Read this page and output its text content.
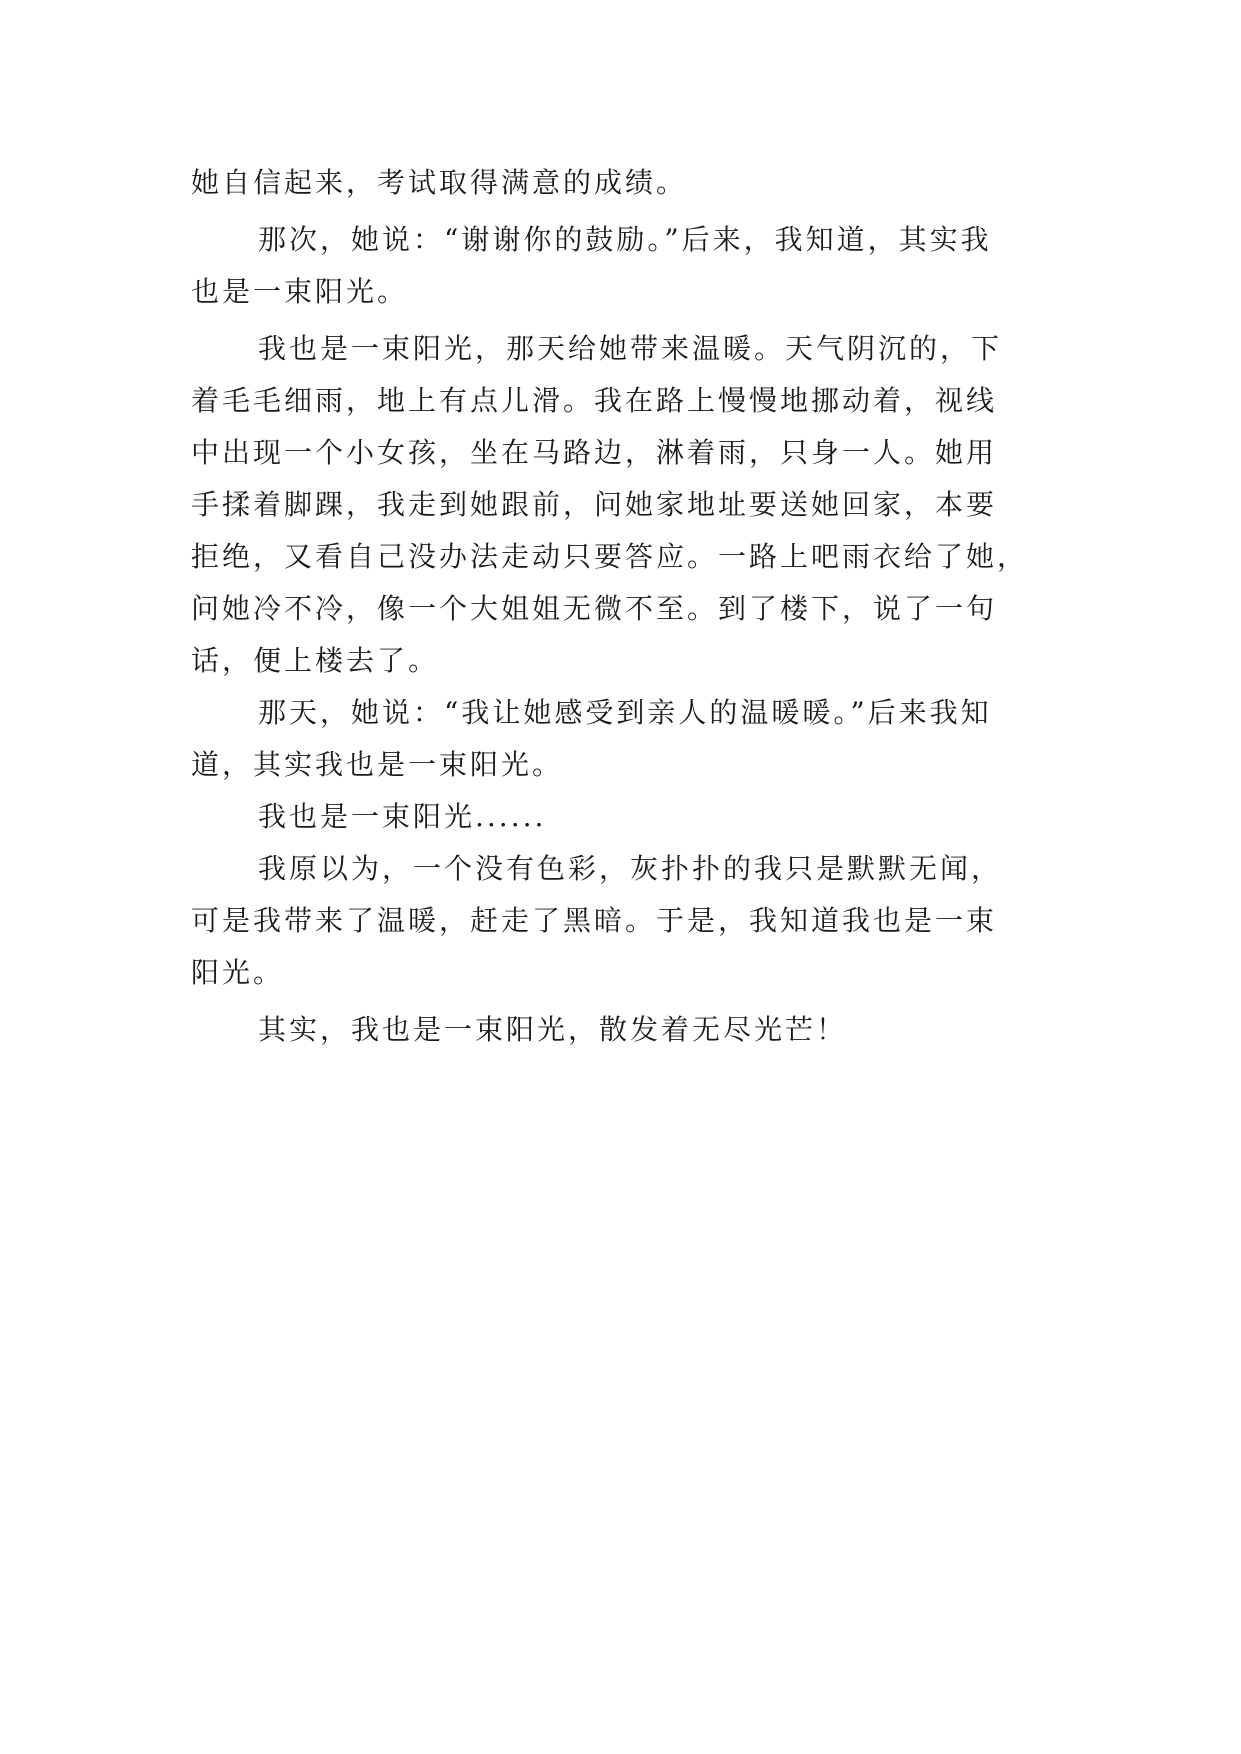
她自信起来，考试取得满意的成绩。
那次，她说：“谢谢你的鼓励。”后来，我知道，其实我
也是一束阳光。
我也是一束阳光，那天给她带来温暖。天气阴沉的，下
着毛毛细雨，地上有点儿滑。我在路上慢慢地挪动着，视线
中出现一个小女孩，坐在马路边，淋着雨，只身一人。她用
手揉着脚踝，我走到她跟前，问她家地址要送她回家，本要
拒绝，又看自己没办法走动只要答应。一路上吧雨衣给了她，
问她冷不冷，像一个大姐姐无微不至。到了楼下，说了一句
话，便上楼去了。
那天，她说：“我让她感受到亲人的温暖暖。”后来我知
道，其实我也是一束阳光。
我也是一束阳光......
我原以为，一个没有色彩，灰扑扑的我只是默默无闻，
可是我带来了温暖，赶走了黑暗。于是，我知道我也是一束
阳光。
其实，我也是一束阳光，散发着无尽光芒！
